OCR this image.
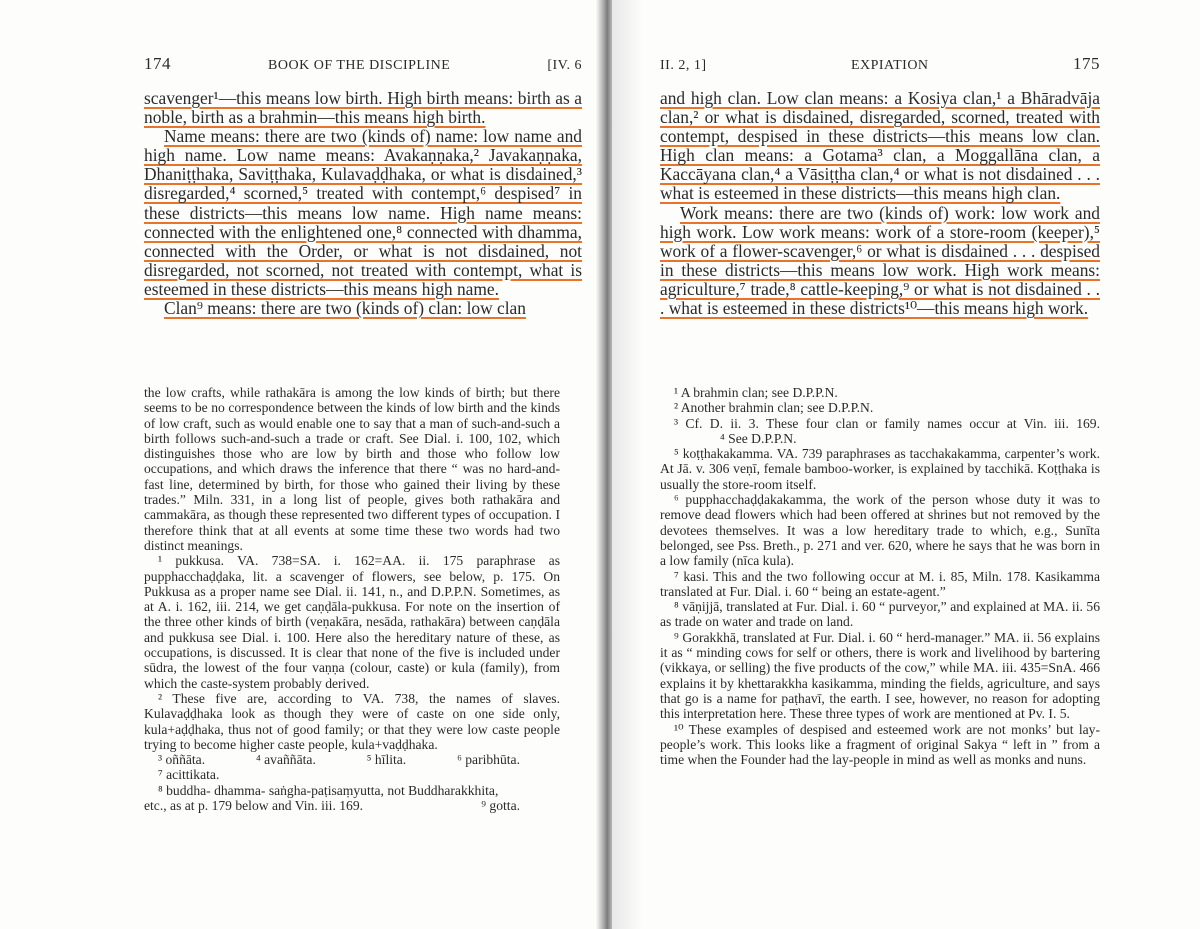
174	BOOK OF THE DISCIPLINE	[IV. 6

scavenger¹—this means low birth. High birth means: birth as a noble, birth as a brahmin—this means high birth.

Name means: there are two (kinds of) name: low name and high name. Low name means: Avakaṇṇaka,² Javakaṇṇaka, Dhaniṭṭhaka, Saviṭṭhaka, Kulavaḍḍhaka, or what is disdained,³ disregarded,⁴ scorned,⁵ treated with contempt,⁶ despised⁷ in these districts—this means low name. High name means: connected with the enlightened one,⁸ connected with dhamma, connected with the Order, or what is not disdained, not disregarded, not scorned, not treated with contempt, what is esteemed in these districts—this means high name.

Clan⁹ means: there are two (kinds of) clan: low clan

the low crafts, while rathakāra is among the low kinds of birth; but there seems to be no correspondence between the kinds of low birth and the kinds of low craft, such as would enable one to say that a man of such-and-such a birth follows such-and-such a trade or craft. See Dial. i. 100, 102, which distinguishes those who are low by birth and those who follow low occupations, and which draws the inference that there “ was no hard-and-fast line, determined by birth, for those who gained their living by these trades.” Miln. 331, in a long list of people, gives both rathakāra and cammakāra, as though these represented two different types of occupation. I therefore think that at all events at some time these two words had two distinct meanings.

¹ pukkusa. VA. 738=SA. i. 162=AA. ii. 175 paraphrase as pupphacchaḍḍaka, lit. a scavenger of flowers, see below, p. 175. On Pukkusa as a proper name see Dial. ii. 141, n., and D.P.P.N. Sometimes, as at A. i. 162, iii. 214, we get caṇḍāla-pukkusa. For note on the insertion of the three other kinds of birth (veṇakāra, nesāda, rathakāra) between caṇḍāla and pukkusa see Dial. i. 100. Here also the hereditary nature of these, as occupations, is discussed. It is clear that none of the five is included under sūdra, the lowest of the four vaṇṇa (colour, caste) or kula (family), from which the caste-system probably derived.

² These five are, according to VA. 738, the names of slaves. Kulavaḍḍhaka look as though they were of caste on one side only, kula+aḍḍhaka, thus not of good family; or that they were low caste people trying to become higher caste people, kula+vaḍḍhaka.

³ oññāta.	⁴ avaññāta.	⁵ hīlita.	⁶ paribhūta.

⁷ acittikata.

⁸ buddha- dhamma- saṅgha-paṭisaṃyutta, not Buddharakkhita,

etc., as at p. 179 below and Vin. iii. 169.	⁹ gotta.

II. 2, 1]	EXPIATION	175

and high clan. Low clan means: a Kosiya clan,¹ a Bhāradvāja clan,² or what is disdained, disregarded, scorned, treated with contempt, despised in these districts—this means low clan. High clan means: a Gotama³ clan, a Moggallāna clan, a Kaccāyana clan,⁴ a Vāsiṭṭha clan,⁴ or what is not disdained . . . what is esteemed in these districts—this means high clan.

Work means: there are two (kinds of) work: low work and high work. Low work means: work of a store-room (keeper),⁵ work of a flower-scavenger,⁶ or what is disdained . . . despised in these districts—this means low work. High work means: agriculture,⁷ trade,⁸ cattle-keeping,⁹ or what is not disdained . . . what is esteemed in these districts¹⁰—this means high work.

¹ A brahmin clan; see D.P.P.N.

² Another brahmin clan; see D.P.P.N.

³ Cf. D. ii. 3. These four clan or family names occur at Vin. iii. 169. ⁴ See D.P.P.N.

⁵ koṭṭhakakamma. VA. 739 paraphrases as tacchakakamma, carpenter’s work. At Jā. v. 306 veṇī, female bamboo-worker, is explained by tacchikā. Koṭṭhaka is usually the store-room itself.

⁶ pupphacchaḍḍakakamma, the work of the person whose duty it was to remove dead flowers which had been offered at shrines but not removed by the devotees themselves. It was a low hereditary trade to which, e.g., Sunīta belonged, see Pss. Breth., p. 271 and ver. 620, where he says that he was born in a low family (nīca kula).

⁷ kasi. This and the two following occur at M. i. 85, Miln. 178. Kasikamma translated at Fur. Dial. i. 60 “ being an estate-agent.”

⁸ vāṇijjā, translated at Fur. Dial. i. 60 “ purveyor,” and explained at MA. ii. 56 as trade on water and trade on land.

⁹ Gorakkhā, translated at Fur. Dial. i. 60 “ herd-manager.” MA. ii. 56 explains it as “ minding cows for self or others, there is work and livelihood by bartering (vikkaya, or selling) the five products of the cow,” while MA. iii. 435=SnA. 466 explains it by khettarakkha kasikamma, minding the fields, agriculture, and says that go is a name for paṭhavī, the earth. I see, however, no reason for adopting this interpretation here. These three types of work are mentioned at Pv. I. 5.

¹⁰ These examples of despised and esteemed work are not monks’ but lay-people’s work. This looks like a fragment of original Sakya “ left in ” from a time when the Founder had the lay-people in mind as well as monks and nuns.
